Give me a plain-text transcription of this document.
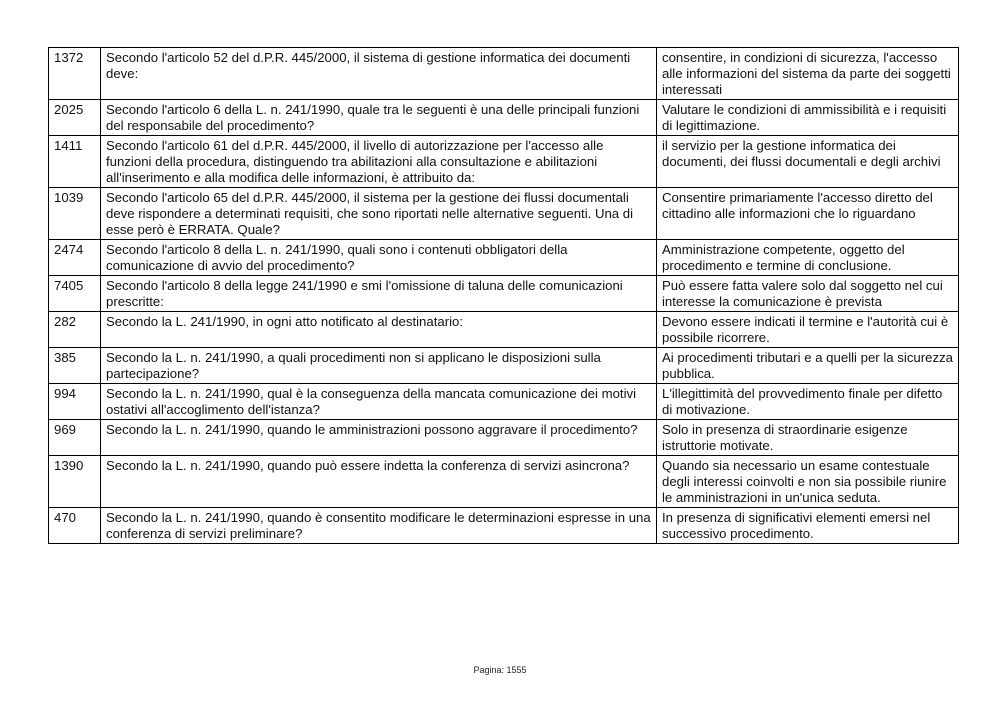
1372	Secondo l'articolo 52 del d.P.R. 445/2000, il sistema di gestione informatica dei documenti deve:	consentire, in condizioni di sicurezza, l'accesso alle informazioni del sistema da parte dei soggetti interessati
2025	Secondo l'articolo 6 della L. n. 241/1990, quale tra le seguenti è una delle principali funzioni del responsabile del procedimento?	Valutare le condizioni di ammissibilità e i requisiti di legittimazione.
1411	Secondo l'articolo 61 del d.P.R. 445/2000, il livello di autorizzazione per l'accesso alle funzioni della procedura, distinguendo tra abilitazioni alla consultazione e abilitazioni all'inserimento e alla modifica delle informazioni, è attribuito da:	il servizio per la gestione informatica dei documenti, dei flussi documentali e degli archivi
1039	Secondo l'articolo 65 del d.P.R. 445/2000, il sistema per la gestione dei flussi documentali deve rispondere a determinati requisiti, che sono riportati nelle alternative seguenti. Una di esse però è ERRATA. Quale?	Consentire primariamente l'accesso diretto del cittadino alle informazioni che lo riguardano
2474	Secondo l'articolo 8 della L. n. 241/1990, quali sono i contenuti obbligatori della comunicazione di avvio del procedimento?	Amministrazione competente, oggetto del procedimento e termine di conclusione.
7405	Secondo l'articolo 8 della legge 241/1990 e smi l'omissione di taluna delle comunicazioni prescritte:	Può essere fatta valere solo dal soggetto nel cui interesse la comunicazione è prevista
282	Secondo la L. 241/1990, in ogni atto notificato al destinatario:	Devono essere indicati il termine e l'autorità cui è possibile ricorrere.
385	Secondo la L. n. 241/1990, a quali procedimenti non si applicano le disposizioni sulla partecipazione?	Ai procedimenti tributari e a quelli per la sicurezza pubblica.
994	Secondo la L. n. 241/1990, qual è la conseguenza della mancata comunicazione dei motivi ostativi all'accoglimento dell'istanza?	L'illegittimità del provvedimento finale per difetto di motivazione.
969	Secondo la L. n. 241/1990, quando le amministrazioni possono aggravare il procedimento?	Solo in presenza di straordinarie esigenze istruttorie motivate.
1390	Secondo la L. n. 241/1990, quando può essere indetta la conferenza di servizi asincrona?	Quando sia necessario un esame contestuale degli interessi coinvolti e non sia possibile riunire le amministrazioni in un'unica seduta.
470	Secondo la L. n. 241/1990, quando è consentito modificare le determinazioni espresse in una conferenza di servizi preliminare?	In presenza di significativi elementi emersi nel successivo procedimento.
Pagina: 1555
